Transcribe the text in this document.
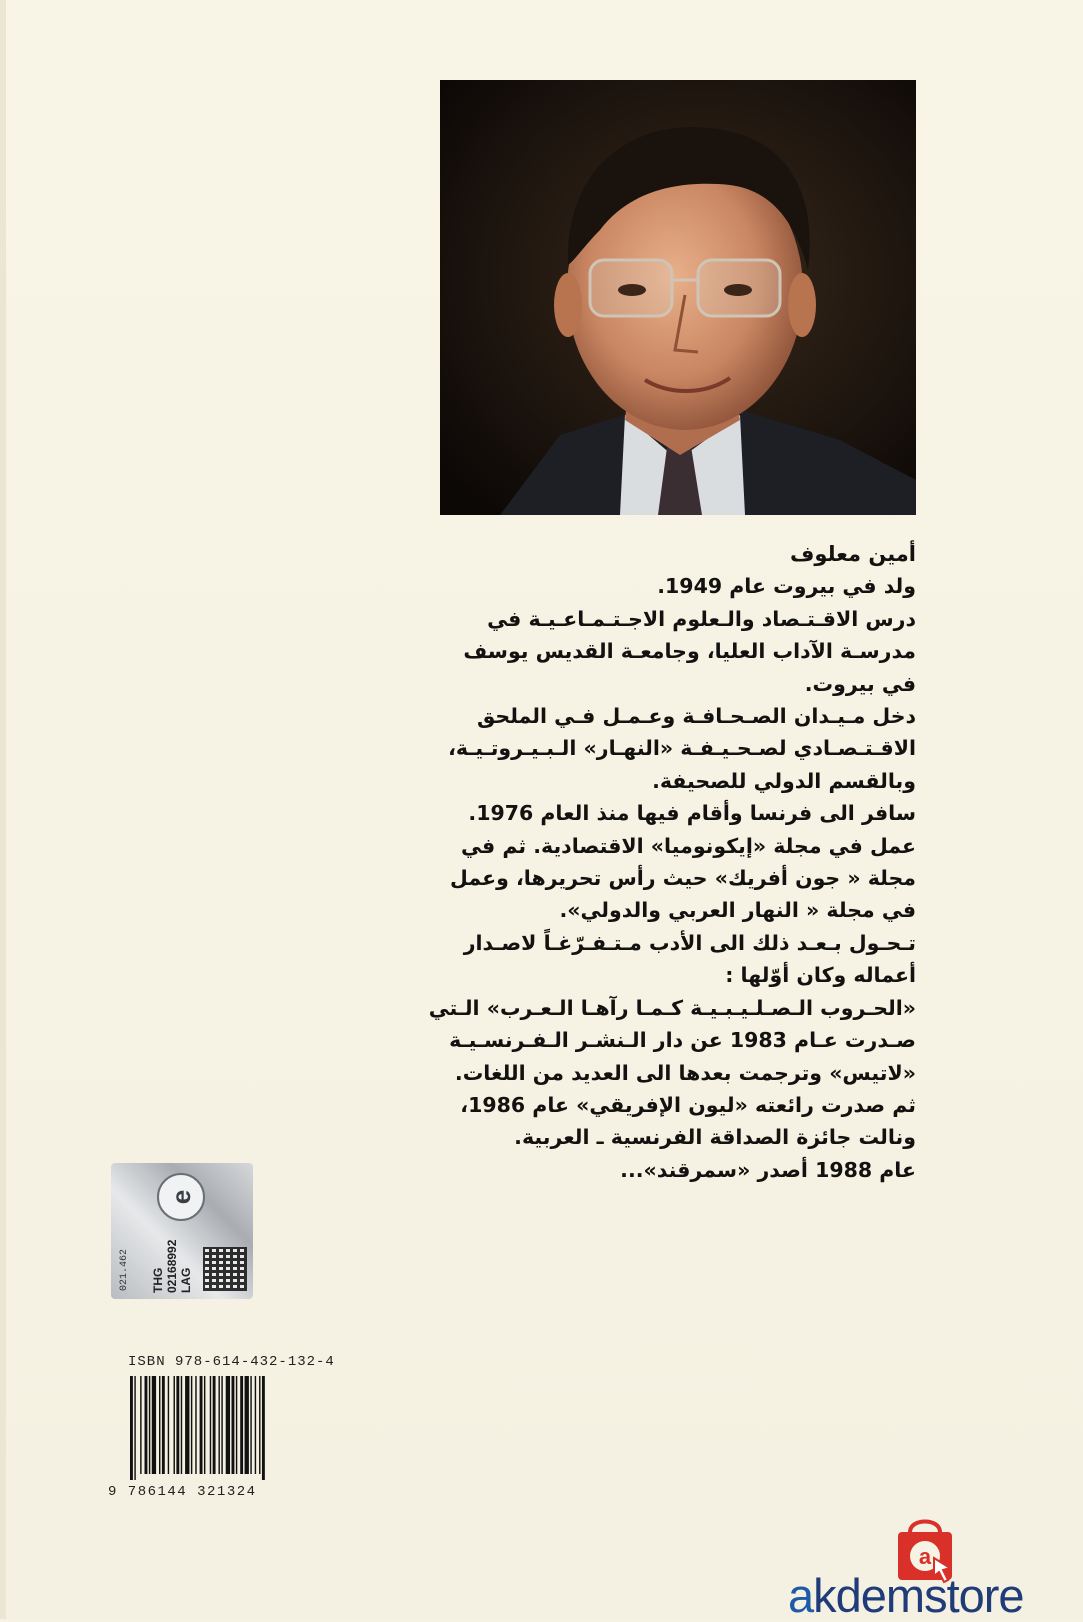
أمين معلوف
ولد في بيروت عام 1949.
درس الاقـتـصاد والـعلوم الاجـتـمـاعـيـة في
مدرسـة الآداب العليا، وجامعـة القديس يوسف
في بيروت.
دخل مـيـدان الصـحـافـة وعـمـل فـي الملحق
الاقـتـصـادي لصـحـيـفـة «النهـار» الـبـيـروتـيـة،
وبالقسم الدولي للصحيفة.
سافر الى فرنسا وأقام فيها منذ العام 1976.
عمل في مجلة «إيكونوميا» الاقتصادية. ثم في
مجلة « جون أفريك» حيث رأس تحريرها، وعمل
في مجلة « النهار العربي والدولي».
تـحـول بـعـد ذلك الى الأدب مـتـفـرّغـاً لاصـدار
أعماله وكان أوّلها :
«الحـروب الـصـلـيـبـيـة كـمـا رآهـا الـعـرب» الـتي
صـدرت عـام 1983 عن دار الـنشـر الـفـرنسـيـة
«لاتيس» وترجمت بعدها الى العديد من اللغات.
ثم صدرت رائعته «ليون الإفريقي» عام 1986،
ونالت جائزة الصداقة الفرنسية ـ العربية.
عام 1988 أصدر «سمرقند»...
021.462 THG 02168992 LAG
e
ISBN 978-614-432-132-4
9 786144 321324
a
akdemstore
